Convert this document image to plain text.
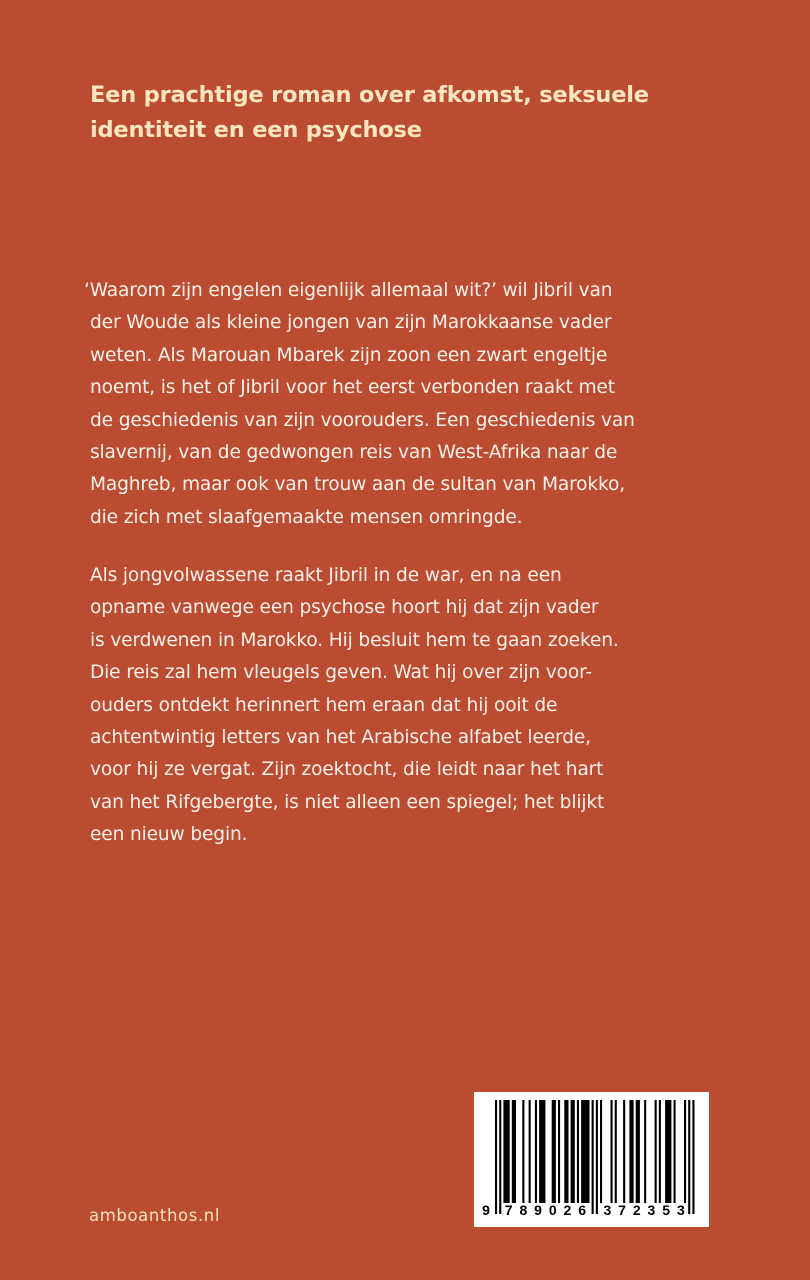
Een prachtige roman over afkomst, seksuele
identiteit en een psychose

‘Waarom zijn engelen eigenlijk allemaal wit?’ wil Jibril van
der Woude als kleine jongen van zijn Marokkaanse vader
weten. Als Marouan Mbarek zijn zoon een zwart engeltje
noemt, is het of Jibril voor het eerst verbonden raakt met
de geschiedenis van zijn voorouders. Een geschiedenis van
slavernij, van de gedwongen reis van West-Afrika naar de
Maghreb, maar ook van trouw aan de sultan van Marokko,
die zich met slaafgemaakte mensen omringde.

Als jongvolwassene raakt Jibril in de war, en na een
opname vanwege een psychose hoort hij dat zijn vader
is verdwenen in Marokko. Hij besluit hem te gaan zoeken.
Die reis zal hem vleugels geven. Wat hij over zijn voor-
ouders ontdekt herinnert hem eraan dat hij ooit de
achtentwintig letters van het Arabische alfabet leerde,
voor hij ze vergat. Zijn zoektocht, die leidt naar het hart
van het Rifgebergte, is niet alleen een spiegel; het blijkt
een nieuw begin.

amboanthos.nl	9 7 8 9 0 2 6 3 7 2 3 5 3
